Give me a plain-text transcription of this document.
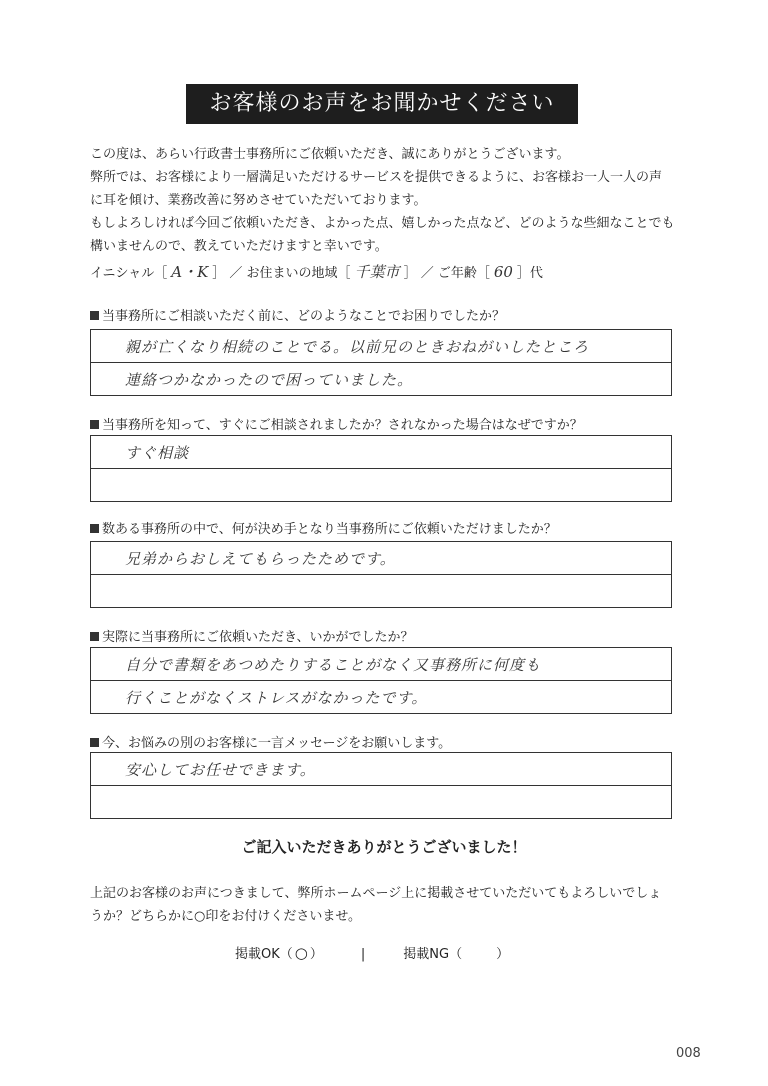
お客様のお声をお聞かせください

この度は、あらい行政書士事務所にご依頼いただき、誠にありがとうございます。

弊所では、お客様により一層満足いただけるサービスを提供できるように、お客様お一人一人の声

に耳を傾け、業務改善に努めさせていただいております。

もしよろしければ今回ご依頼いただき、よかった点、嬉しかった点など、どのような些細なことでも

構いませんので、教えていただけますと幸いです。

イニシャル［ A・K ］ ／ お住まいの地域［ 千葉市 ］ ／ ご年齢［ 60 ］代
当事務所にご相談いただく前に、どのようなことでお困りでしたか？
親が亡くなり相続のことでる。以前兄のときおねがいしたところ
連絡つかなかったので困っていました。
当事務所を知って、すぐにご相談されましたか？されなかった場合はなぜですか？
すぐ相談
数ある事務所の中で、何が決め手となり当事務所にご依頼いただけましたか？
兄弟からおしえてもらったためです。
実際に当事務所にご依頼いただき、いかがでしたか？
自分で書類をあつめたりすることがなく又事務所に何度も
行くことがなくストレスがなかったです。
今、お悩みの別のお客様に一言メッセージをお願いします。
安心してお任せできます。
ご記入いただきありがとうございました！

上記のお客様のお声につきまして、弊所ホームページ上に掲載させていただいてもよろしいでしょ

うか？どちらかに○印をお付けくださいませ。

掲載OK（ ○ ）	|	掲載NG（	）
008
